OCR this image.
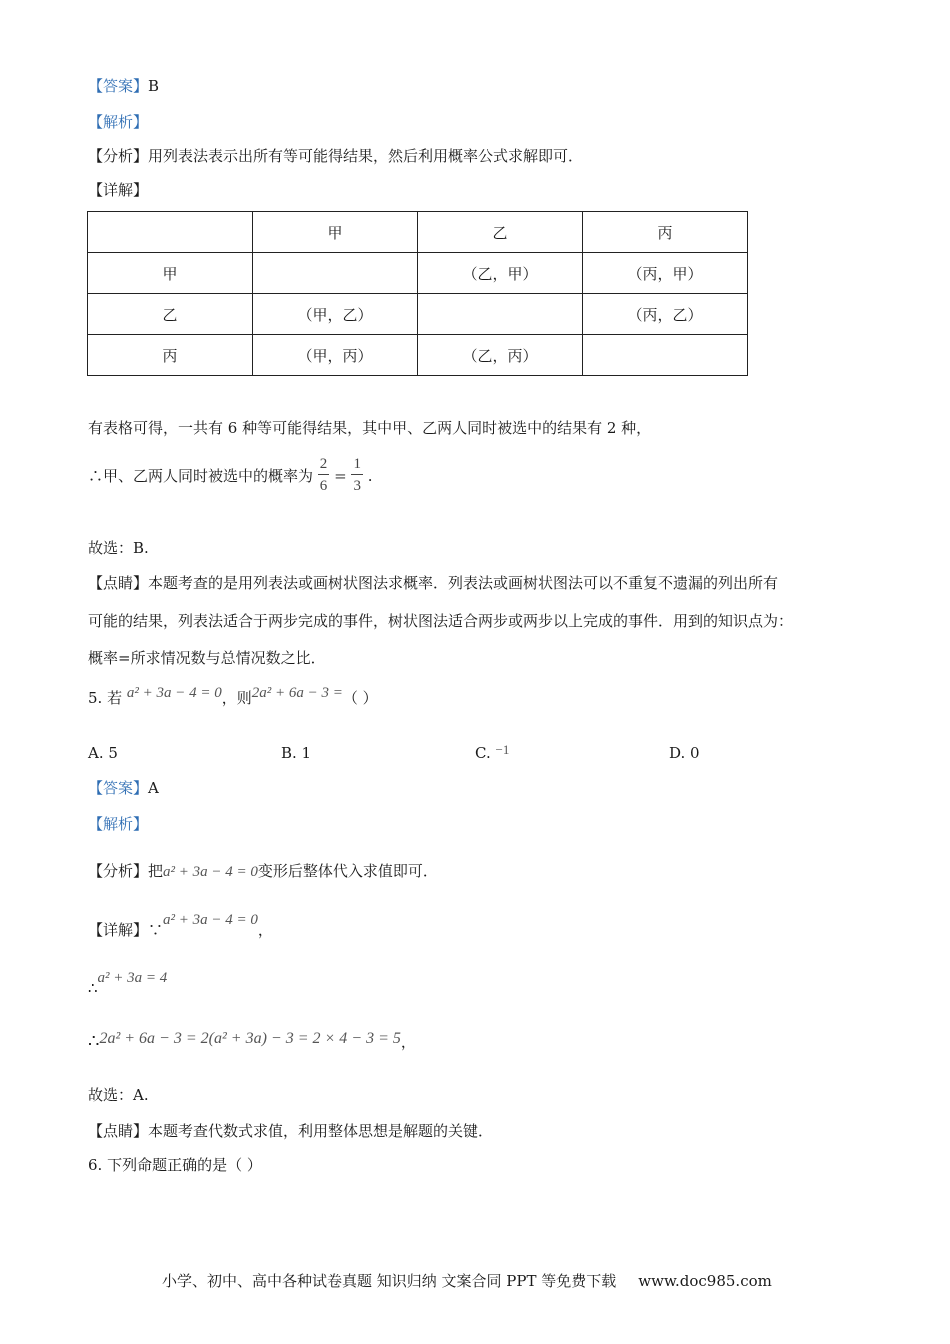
【答案】B
【解析】
【分析】用列表法表示出所有等可能得结果，然后利用概率公式求解即可．
【详解】
	甲	乙	丙
甲		（乙，甲）	（丙，甲）
乙	（甲，乙）		（丙，乙）
丙	（甲，丙）	（乙，丙）	
有表格可得，一共有 6 种等可能得结果，其中甲、乙两人同时被选中的结果有 2 种，
∴甲、乙两人同时被选中的概率为 $\frac{2}{6} = \frac{1}{3}$ .
故选：B.
【点睛】本题考查的是用列表法或画树状图法求概率．列表法或画树状图法可以不重复不遗漏的列出所有
可能的结果，列表法适合于两步完成的事件，树状图法适合两步或两步以上完成的事件．用到的知识点为：
概率=所求情况数与总情况数之比．
5. 若 a² + 3a − 4 = 0，则2a² + 6a − 3 =（ ）
A. 5	B. 1	C. −1	D. 0
【答案】A
【解析】
【分析】把a² + 3a − 4 = 0变形后整体代入求值即可．
【详解】∵a² + 3a − 4 = 0，
∴a² + 3a = 4
∴2a² + 6a − 3 = 2(a² + 3a) − 3 = 2 × 4 − 3 = 5，
故选：A.
【点睛】本题考查代数式求值，利用整体思想是解题的关键．
6. 下列命题正确的是（ ）
小学、初中、高中各种试卷真题 知识归纳 文案合同 PPT 等免费下载 www.doc985.com
